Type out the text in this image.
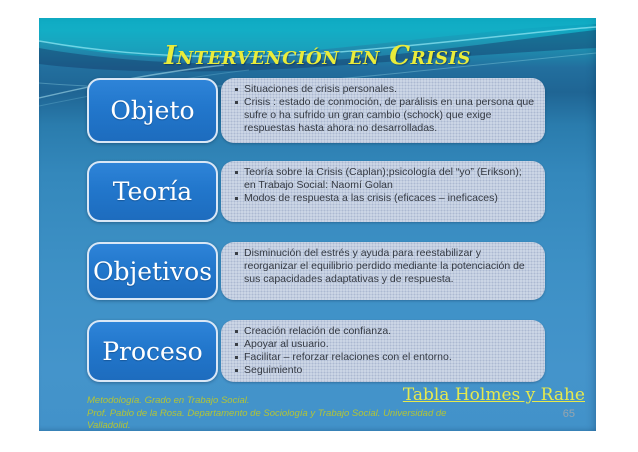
Intervención en Crisis
Objeto
Situaciones de crisis personales.
Crisis : estado de conmoción, de parálisis en una persona que sufre o ha sufrido un gran cambio (schock) que exige respuestas hasta ahora no desarrolladas.
Teoría
Teoría sobre la Crisis (Caplan);psicología del “yo” (Erikson); en Trabajo Social: Naomí Golan
Modos de respuesta a las crisis (eficaces – ineficaces)
Objetivos
Disminución del estrés y ayuda para reestabilizar y reorganizar el equilibrio perdido mediante la potenciación de sus capacidades adaptativas y de respuesta.
Proceso
Creación relación de confianza.
Apoyar al usuario.
Facilitar – reforzar relaciones con el entorno.
Seguimiento
Metodología. Grado en Trabajo Social.
Prof. Pablo de la Rosa. Departamento de Sociología y Trabajo Social. Universidad de Valladolid.
Tabla Holmes y Rahe
65
